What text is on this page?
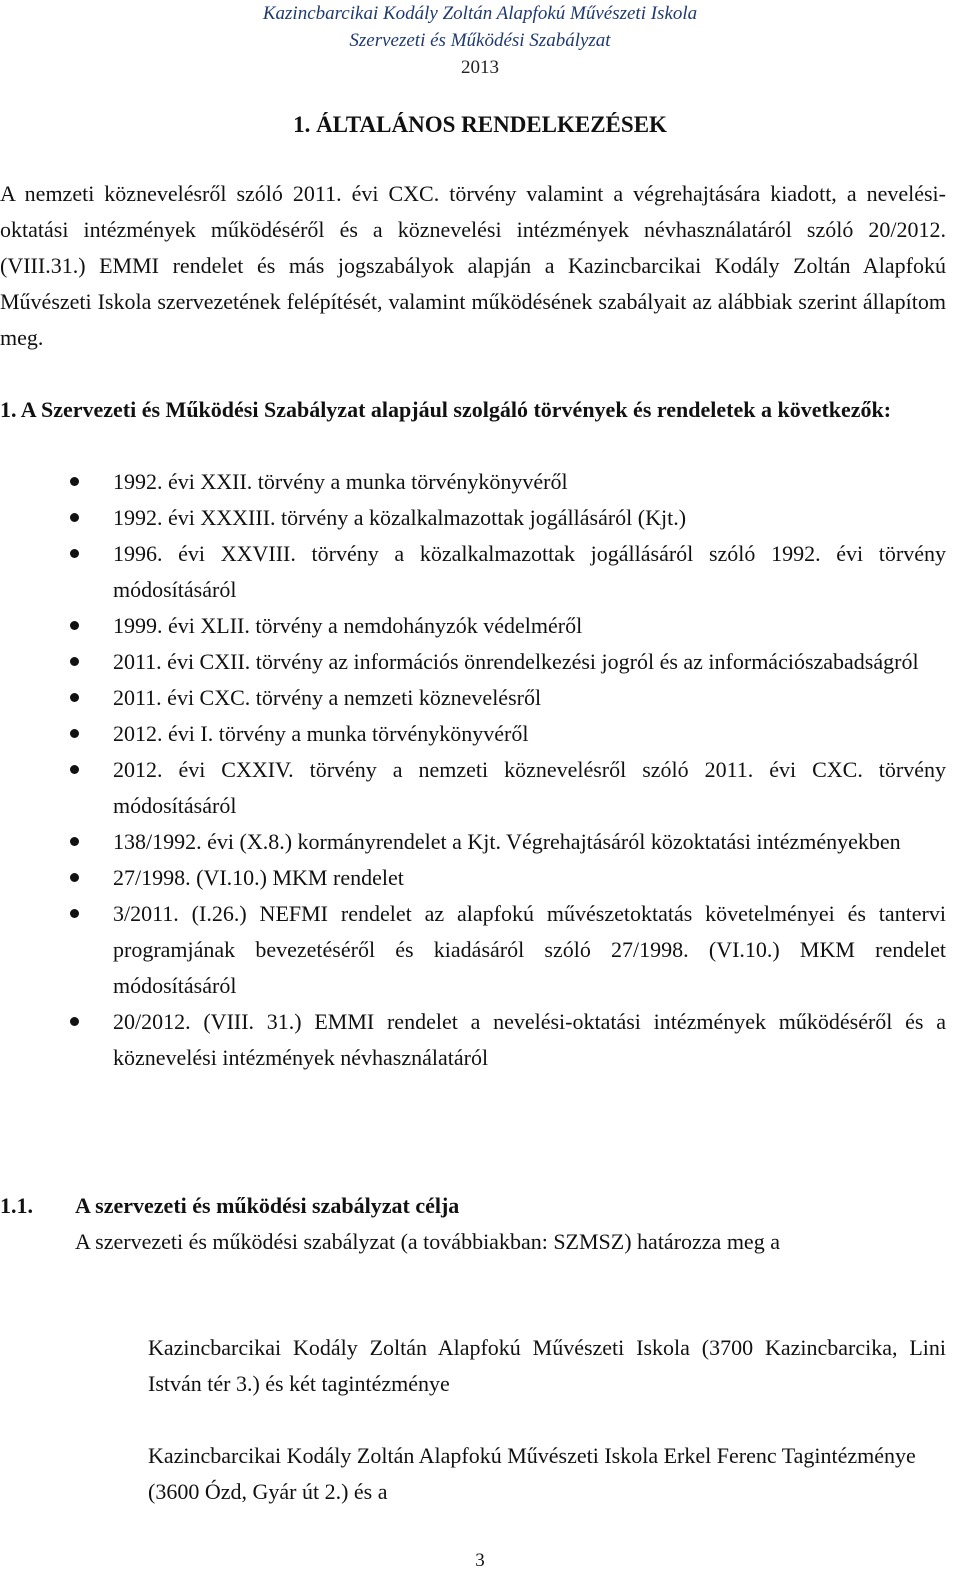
Kazincbarcikai Kodály Zoltán Alapfokú Művészeti Iskola
Szervezeti és Működési Szabályzat
2013
1. ÁLTALÁNOS RENDELKEZÉSEK

A nemzeti köznevelésről szóló 2011. évi CXC. törvény valamint a végrehajtására kiadott, a nevelési-oktatási intézmények működéséről és a köznevelési intézmények névhasználatáról szóló 20/2012. (VIII.31.) EMMI rendelet és más jogszabályok alapján a Kazincbarcikai Kodály Zoltán Alapfokú Művészeti Iskola szervezetének felépítését, valamint működésének szabályait az alábbiak szerint állapítom meg.

1. A Szervezeti és Működési Szabályzat alapjául szolgáló törvények és rendeletek a következők:

1992. évi XXII. törvény a munka törvénykönyvéről
1992. évi XXXIII. törvény a közalkalmazottak jogállásáról (Kjt.)
1996. évi XXVIII. törvény a közalkalmazottak jogállásáról szóló 1992. évi törvény módosításáról
1999. évi XLII. törvény a nemdohányzók védelméről
2011. évi CXII. törvény az információs önrendelkezési jogról és az információszabadságról
2011. évi CXC. törvény a nemzeti köznevelésről
2012. évi I. törvény a munka törvénykönyvéről
2012. évi CXXIV. törvény a nemzeti köznevelésről szóló 2011. évi CXC. törvény módosításáról
138/1992. évi (X.8.) kormányrendelet a Kjt. Végrehajtásáról közoktatási intézményekben
27/1998. (VI.10.) MKM rendelet
3/2011. (I.26.) NEFMI rendelet az alapfokú művészetoktatás követelményei és tantervi programjának bevezetéséről és kiadásáról szóló 27/1998. (VI.10.) MKM rendelet módosításáról
20/2012. (VIII. 31.) EMMI rendelet a nevelési-oktatási intézmények működéséről és a köznevelési intézmények névhasználatáról
1.1. A szervezeti és működési szabályzat célja

A szervezeti és működési szabályzat (a továbbiakban: SZMSZ) határozza meg a

Kazincbarcikai Kodály Zoltán Alapfokú Művészeti Iskola (3700 Kazincbarcika, Lini István tér 3.) és két tagintézménye

Kazincbarcikai Kodály Zoltán Alapfokú Művészeti Iskola Erkel Ferenc Tagintézménye
(3600 Ózd, Gyár út 2.) és a
3
